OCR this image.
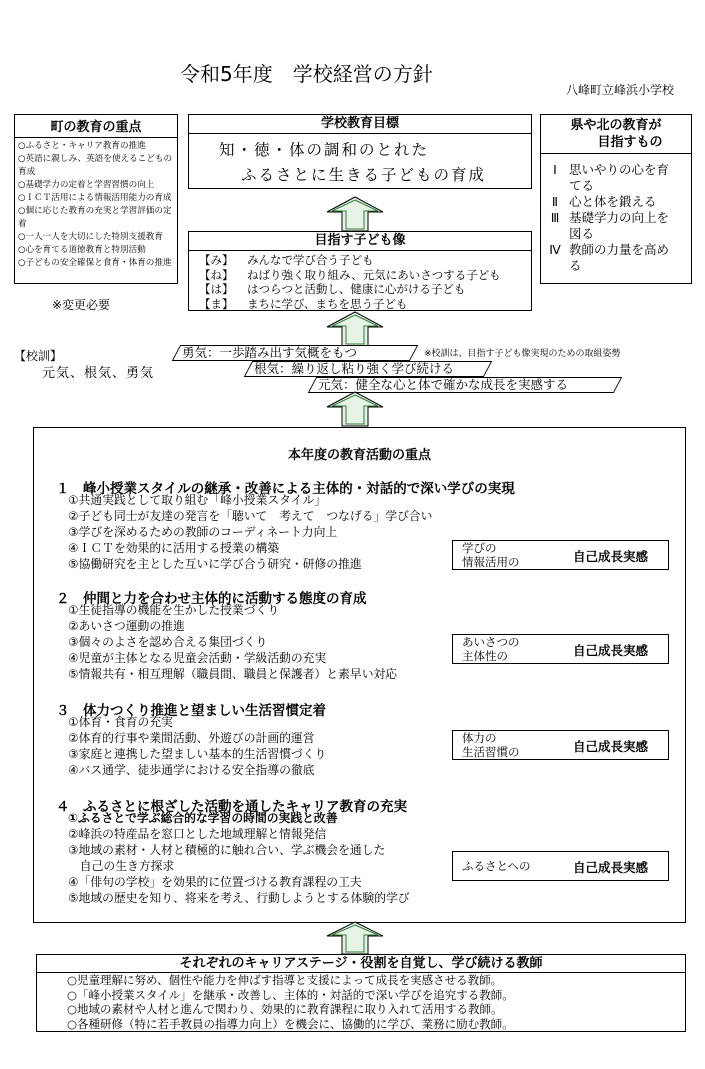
令和5年度　学校経営の方針
八峰町立峰浜小学校
町の教育の重点
○ふるさと・キャリア教育の推進
○英語に親しみ、英語を使えるこどもの育成
○基礎学力の定着と学習習慣の向上
○ＩＣＴ活用による情報活用能力の育成
○個に応じた教育の充実と学習評価の定着
○一人一人を大切にした特別支援教育
○心を育てる道徳教育と特別活動
○子どもの安全確保と食育・体育の推進
※変更必要
学校教育目標
知・徳・体の調和のとれた
ふるさとに生きる子どもの育成
県や北の教育が
目指すもの
Ⅰ 思いやりの心を育
てる
Ⅱ 心と体を鍛える
Ⅲ 基礎学力の向上を
図る
Ⅳ 教師の力量を高め
る
目指す子ども像
【み】	みんなで学び合う子ども
【ね】	ねばり強く取り組み、元気にあいさつする子ども
【は】	はつらつと活動し、健康に心がける子ども
【ま】	まちに学び、まちを思う子ども
【校訓】
元気、根気、勇気
勇気：一歩踏み出す気概をもつ	※校訓は、目指す子ども像実現のための取組姿勢
根気：繰り返し粘り強く学び続ける
元気：健全な心と体で確かな成長を実感する
本年度の教育活動の重点
１　峰小授業スタイルの継承・改善による主体的・対話的で深い学びの実現
①共通実践として取り組む「峰小授業スタイル」
②子ども同士が友達の発言を「聴いて　考えて　つなげる」学び合い
③学びを深めるための教師のコーディネート力向上
④ＩＣＴを効果的に活用する授業の構築
⑤協働研究を主とした互いに学び合う研究・研修の推進
学びの
情報活用の	自己成長実感
２　仲間と力を合わせ主体的に活動する態度の育成
①生徒指導の機能を生かした授業づくり
②あいさつ運動の推進
③個々のよさを認め合える集団づくり
④児童が主体となる児童会活動・学級活動の充実
⑤情報共有・相互理解（職員間、職員と保護者）と素早い対応
あいさつの
主体性の	自己成長実感
３　体力つくり推進と望ましい生活習慣定着
①体育・食育の充実
②体育的行事や業間活動、外遊びの計画的運営
③家庭と連携した望ましい基本的生活習慣づくり
④バス通学、徒歩通学における安全指導の徹底
体力の
生活習慣の	自己成長実感
４　ふるさとに根ざした活動を通したキャリア教育の充実
①ふるさとで学ぶ総合的な学習の時間の実践と改善
②峰浜の特産品を窓口とした地域理解と情報発信
③地域の素材・人材と積極的に触れ合い、学ぶ機会を通した
　自己の生き方探求
④「俳句の学校」を効果的に位置づける教育課程の工夫
⑤地域の歴史を知り、将来を考え、行動しようとする体験的学び
ふるさとへの	自己成長実感
それぞれのキャリアステージ・役割を自覚し、学び続ける教師
○児童理解に努め、個性や能力を伸ばす指導と支援によって成長を実感させる教師。
○「峰小授業スタイル」を継承・改善し、主体的・対話的で深い学びを追究する教師。
○地域の素材や人材と進んで関わり、効果的に教育課程に取り入れて活用する教師。
○各種研修（特に若手教員の指導力向上）を機会に、協働的に学び、業務に励む教師。
